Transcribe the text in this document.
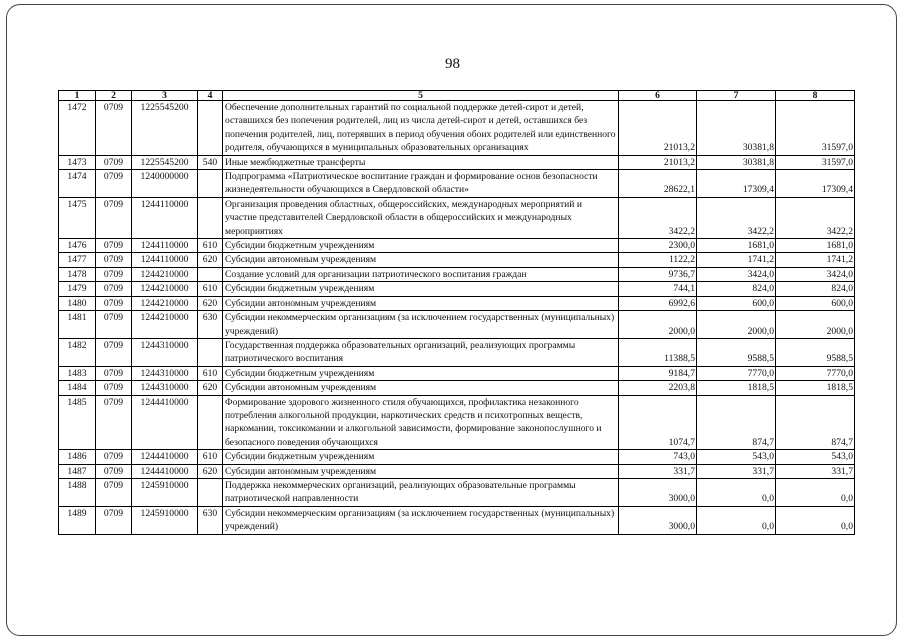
98
1	2	3	4	5	6	7	8
1472	0709	1225545200		Обеспечение дополнительных гарантий по социальной поддержке детей-сирот и детей, оставшихся без попечения родителей, лиц из числа детей-сирот и детей, оставшихся без попечения родителей, лиц, потерявших в период обучения обоих родителей или единственного родителя, обучающихся в муниципальных образовательных организациях	21013,2	30381,8	31597,0
1473	0709	1225545200	540	Иные межбюджетные трансферты	21013,2	30381,8	31597,0
1474	0709	1240000000		Подпрограмма «Патриотическое воспитание граждан и формирование основ безопасности жизнедеятельности обучающихся в Свердловской области»	28622,1	17309,4	17309,4
1475	0709	1244110000		Организация проведения областных, общероссийских, международных мероприятий и участие представителей Свердловской области в общероссийских и международных мероприятиях	3422,2	3422,2	3422,2
1476	0709	1244110000	610	Субсидии бюджетным учреждениям	2300,0	1681,0	1681,0
1477	0709	1244110000	620	Субсидии автономным учреждениям	1122,2	1741,2	1741,2
1478	0709	1244210000		Создание условий для организации патриотического воспитания граждан	9736,7	3424,0	3424,0
1479	0709	1244210000	610	Субсидии бюджетным учреждениям	744,1	824,0	824,0
1480	0709	1244210000	620	Субсидии автономным учреждениям	6992,6	600,0	600,0
1481	0709	1244210000	630	Субсидии некоммерческим организациям (за исключением государственных (муниципальных) учреждений)	2000,0	2000,0	2000,0
1482	0709	1244310000		Государственная поддержка образовательных организаций, реализующих программы патриотического воспитания	11388,5	9588,5	9588,5
1483	0709	1244310000	610	Субсидии бюджетным учреждениям	9184,7	7770,0	7770,0
1484	0709	1244310000	620	Субсидии автономным учреждениям	2203,8	1818,5	1818,5
1485	0709	1244410000		Формирование здорового жизненного стиля обучающихся, профилактика незаконного потребления алкогольной продукции, наркотических средств и психотропных веществ, наркомании, токсикомании и алкогольной зависимости, формирование законопослушного и безопасного поведения обучающихся	1074,7	874,7	874,7
1486	0709	1244410000	610	Субсидии бюджетным учреждениям	743,0	543,0	543,0
1487	0709	1244410000	620	Субсидии автономным учреждениям	331,7	331,7	331,7
1488	0709	1245910000		Поддержка некоммерческих организаций, реализующих образовательные программы патриотической направленности	3000,0	0,0	0,0
1489	0709	1245910000	630	Субсидии некоммерческим организациям (за исключением государственных (муниципальных) учреждений)	3000,0	0,0	0,0
